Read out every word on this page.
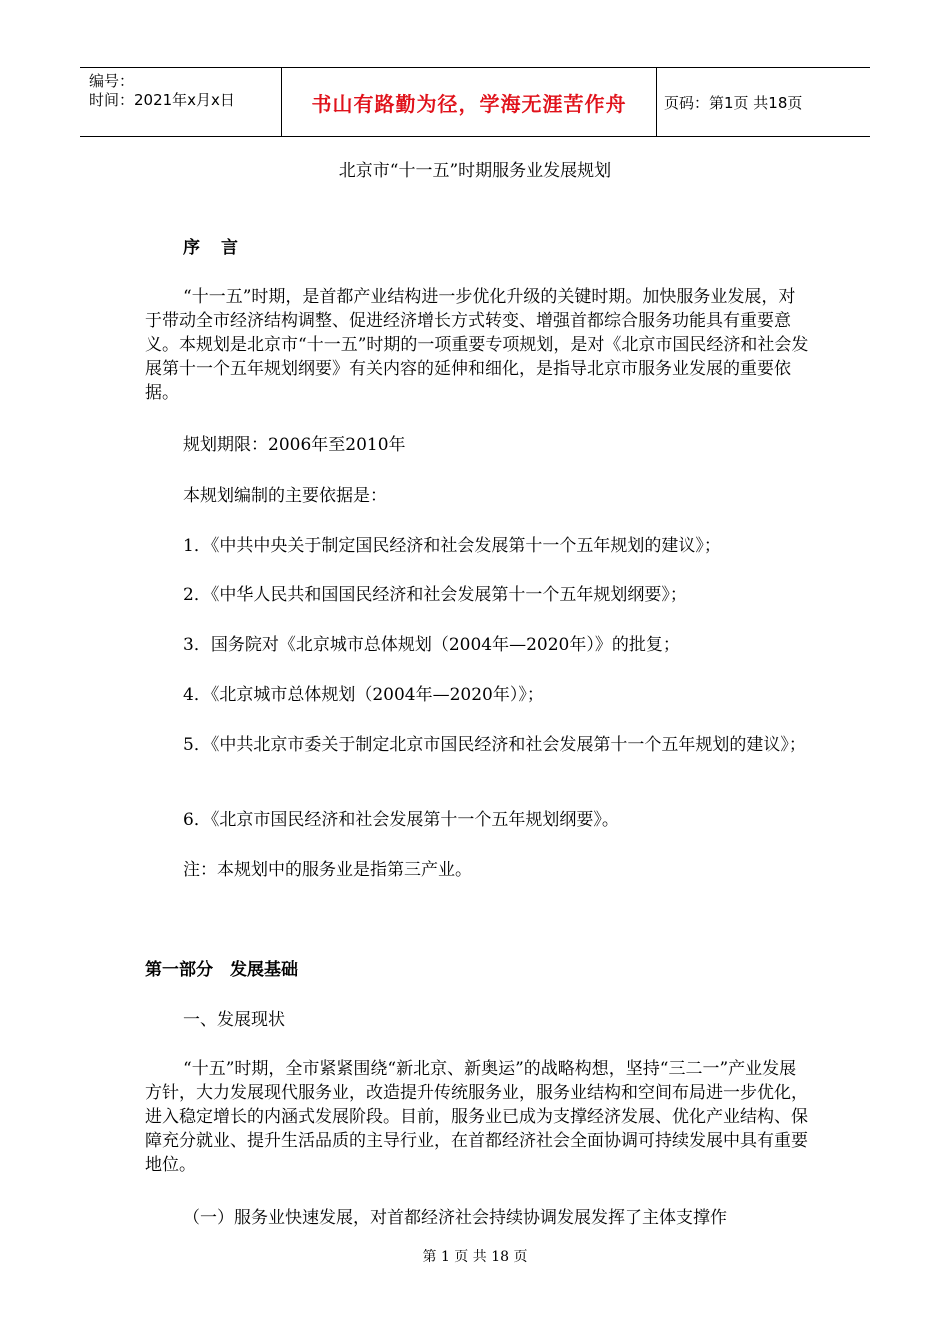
编号：
时间：2021年x月x日	书山有路勤为径，学海无涯苦作舟	页码：第1页 共18页
北京市“十一五”时期服务业发展规划
序　言
“十一五”时期，是首都产业结构进一步优化升级的关键时期。加快服务业发展，对于带动全市经济结构调整、促进经济增长方式转变、增强首都综合服务功能具有重要意义。本规划是北京市“十一五”时期的一项重要专项规划，是对《北京市国民经济和社会发展第十一个五年规划纲要》有关内容的延伸和细化，是指导北京市服务业发展的重要依据。
规划期限：2006年至2010年
本规划编制的主要依据是：
1．《中共中央关于制定国民经济和社会发展第十一个五年规划的建议》；
2．《中华人民共和国国民经济和社会发展第十一个五年规划纲要》；
3．国务院对《北京城市总体规划（2004年—2020年）》的批复；
4．《北京城市总体规划（2004年—2020年）》；
5．《中共北京市委关于制定北京市国民经济和社会发展第十一个五年规划的建议》；
6．《北京市国民经济和社会发展第十一个五年规划纲要》。
注：本规划中的服务业是指第三产业。
第一部分　发展基础
一、发展现状
“十五”时期，全市紧紧围绕“新北京、新奥运”的战略构想，坚持“三二一”产业发展方针，大力发展现代服务业，改造提升传统服务业，服务业结构和空间布局进一步优化，进入稳定增长的内涵式发展阶段。目前，服务业已成为支撑经济发展、优化产业结构、保障充分就业、提升生活品质的主导行业，在首都经济社会全面协调可持续发展中具有重要地位。
（一）服务业快速发展，对首都经济社会持续协调发展发挥了主体支撑作
第 1 页 共 18 页
